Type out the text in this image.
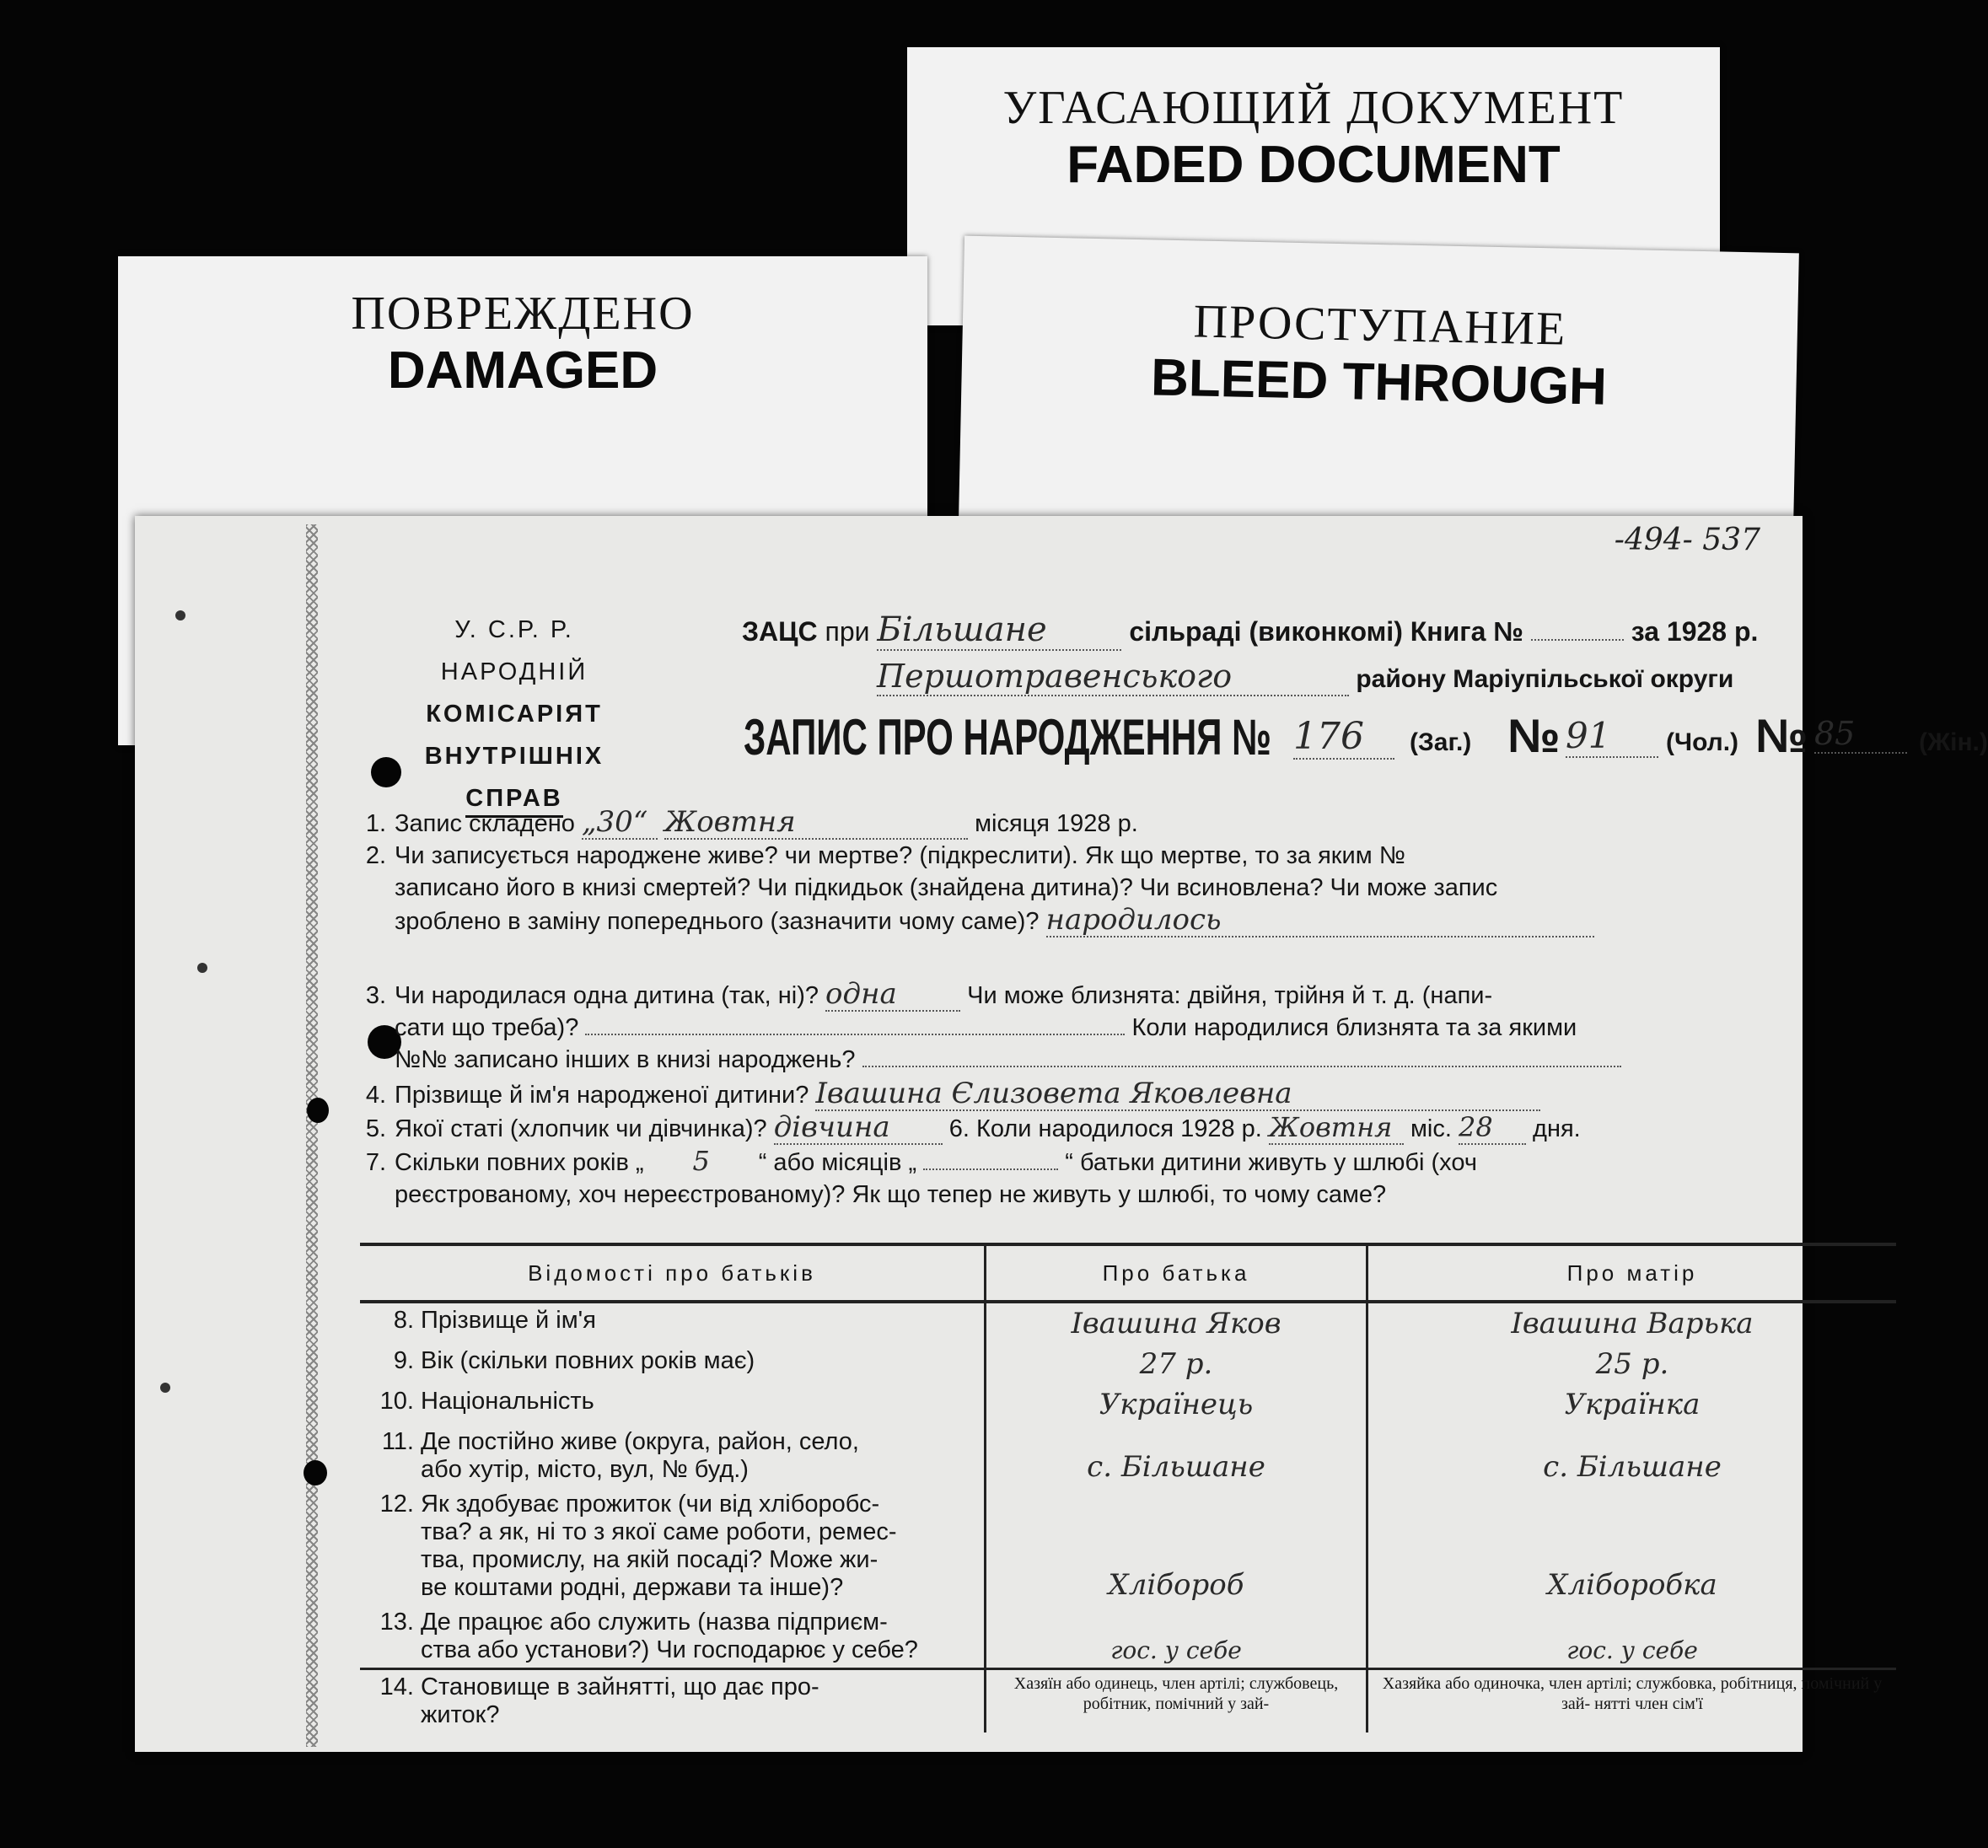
УГАСАЮЩИЙ ДОКУМЕНТ
FADED DOCUMENT
ПОВРЕЖДЕНО
DAMAGED
ПРОСТУПАНИЕ
BLEED THROUGH
-494- 537
У. С.Р. Р.
НАРОДНІЙ
КОМІСАРІЯТ ВНУТРІШНІХ
СПРАВ
ЗАЦС при Більшане	сільраді (виконкомі) Книга №	за 1928 р.
Першотравенського	району Маріупільської округи
ЗАПИС ПРО НАРОДЖЕННЯ № 176	(Заг.) № 91	(Чол.) № 85	(Жін.)
1. Запис складено „30“ Жовтня	місяця 1928 р.
2. Чи записується народжене живе? чи мертве? (підкреслити). Як що мертве, то за яким №
записано його в книзі смертей? Чи підкидьок (знайдена дитина)? Чи всиновлена? Чи може запис
зроблено в заміну попереднього (зазначити чому саме)? народилось
3. Чи народилася одна дитина (так, ні)? одна	Чи може близнята: двійня, трійня й т. д. (напи-
сати що треба)?	Коли народилися близнята та за якими
№№ записано інших в книзі народжень?
4. Прізвище й ім'я народженої дитини? Івашина Єлизовета Яковлевна
5. Якої статі (хлопчик чи дівчинка)? дівчина 6. Коли народилося 1928 р. Жовтня міс. 28 дня.
7. Скільки повних років „ 5 “ або місяців „	“ батьки дитини живуть у шлюбі (хоч
реєстрованому, хоч нереєстрованому)? Як що тепер не живуть у шлюбі, то чому саме?
Відомості про батьків	Про батька	Про матір
8. Прізвище й ім'я	Івашина Яков	Івашина Варька
9. Вік (скільки повних років має)	27 р.	25 р.
10. Національність	Українець	Українка
11. Де постійно живе (округа, район, село,
або хутір, місто, вул, № буд.)	с. Більшане	с. Більшане
12. Як здобуває прожиток (чи від хліборобс-
тва? а як, ні то з якої саме роботи, ремес-
тва, промислу, на якій посаді? Може жи-
ве коштами родні, держави та інше)?	Хлібороб	Хліборобка
13. Де працює або служить (назва підприєм-
ства або установи?) Чи господарює у себе?	гос. у себе	гос. у себе
14. Становище в зайнятті, що дає про-
житок?	Хазяїн або одинець, член артілі; службовець, робітник, помічний у зай-	Хазяйка або одиночка, член артілі; службовка, робітниця, помічний у зай- нятті член сім'ї
